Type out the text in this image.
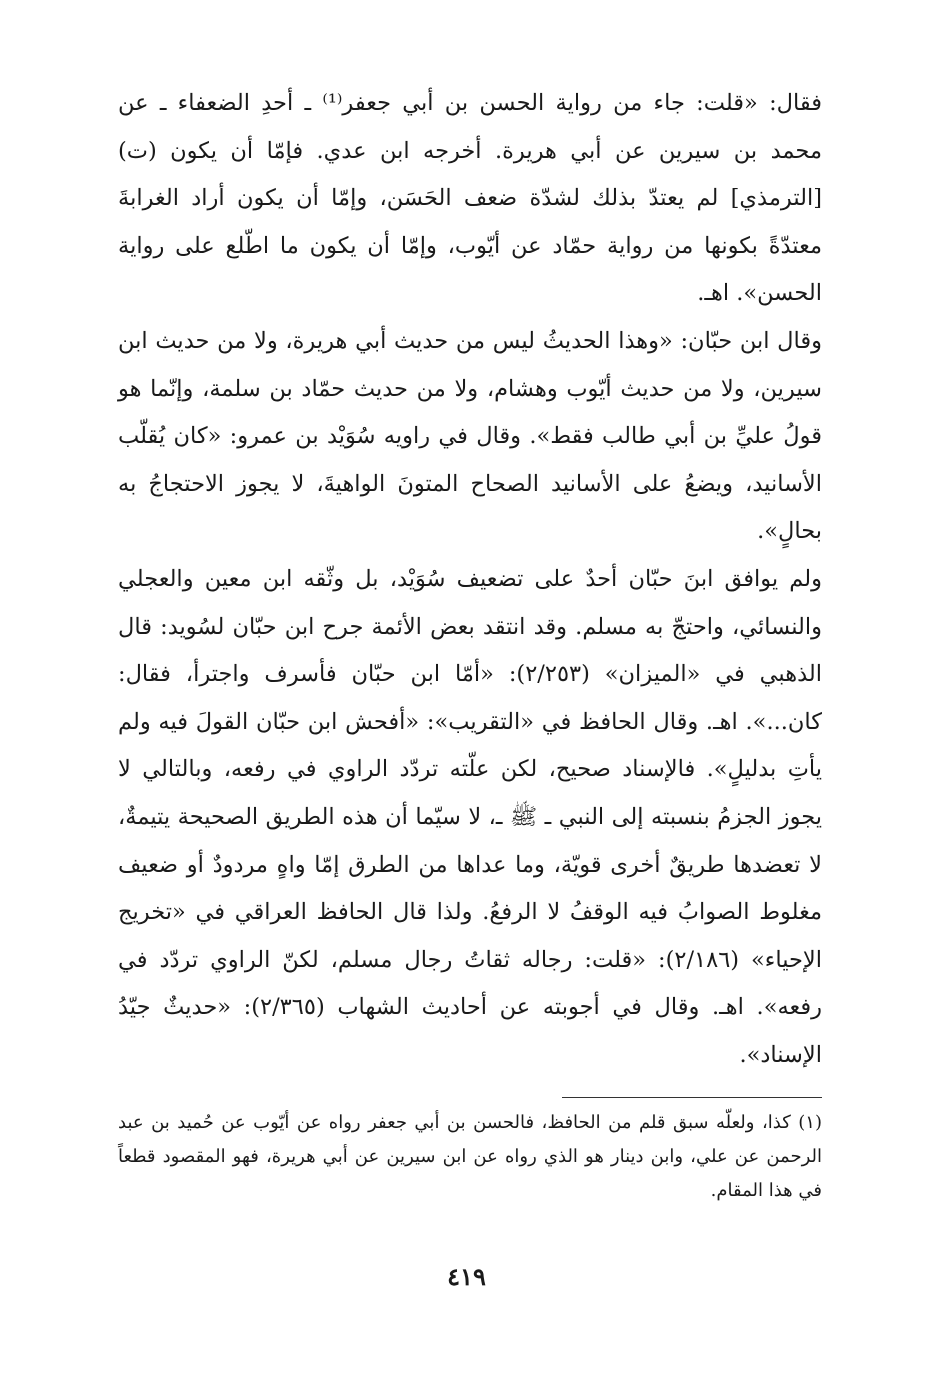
فقال: «قلت: جاء من رواية الحسن بن أبي جعفر⁽¹⁾ ـ أحدِ الضعفاء ـ عن محمد بن سيرين عن أبي هريرة. أخرجه ابن عدي. فإمّا أن يكون (ت) [الترمذي] لم يعتدّ بذلك لشدّة ضعف الحَسَن، وإمّا أن يكون أراد الغرابةَ معتدّةً بكونها من رواية حمّاد عن أيّوب، وإمّا أن يكون ما اطّلع على رواية الحسن». اهـ.

وقال ابن حبّان: «وهذا الحديثُ ليس من حديث أبي هريرة، ولا من حديث ابن سيرين، ولا من حديث أيّوب وهشام، ولا من حديث حمّاد بن سلمة، وإنّما هو قولُ عليِّ بن أبي طالب فقط». وقال في راويه سُوَيْد بن عمرو: «كان يُقلّب الأسانيد، ويضعُ على الأسانيد الصحاح المتونَ الواهيةَ، لا يجوز الاحتجاجُ به بحالٍ».

ولم يوافق ابنَ حبّان أحدٌ على تضعيف سُوَيْد، بل وثّقه ابن معين والعجلي والنسائي، واحتجّ به مسلم. وقد انتقد بعض الأئمة جرح ابن حبّان لسُويد: قال الذهبي في «الميزان» (٢/٢٥٣): «أمّا ابن حبّان فأسرف واجترأ، فقال: كان...». اهـ. وقال الحافظ في «التقريب»: «أفحش ابن حبّان القولَ فيه ولم يأتِ بدليلٍ». فالإسناد صحيح، لكن علّته تردّد الراوي في رفعه، وبالتالي لا يجوز الجزمُ بنسبته إلى النبي ـ ﷺ ـ، لا سيّما أن هذه الطريق الصحيحة يتيمةٌ، لا تعضدها طريقٌ أخرى قويّة، وما عداها من الطرق إمّا واهٍ مردودٌ أو ضعيف مغلوط الصوابُ فيه الوقفُ لا الرفعُ. ولذا قال الحافظ العراقي في «تخريج الإحياء» (٢/١٨٦): «قلت: رجاله ثقاتُ رجال مسلم، لكنّ الراوي تردّد في رفعه». اهـ. وقال في أجوبته عن أحاديث الشهاب (٢/٣٦٥): «حديثٌ جيّدُ الإسناد».

(١) كذا، ولعلّه سبق قلم من الحافظ، فالحسن بن أبي جعفر رواه عن أيّوب عن حُميد بن عبد الرحمن عن علي، وابن دينار هو الذي رواه عن ابن سيرين عن أبي هريرة، فهو المقصود قطعاً في هذا المقام.

٤١٩
